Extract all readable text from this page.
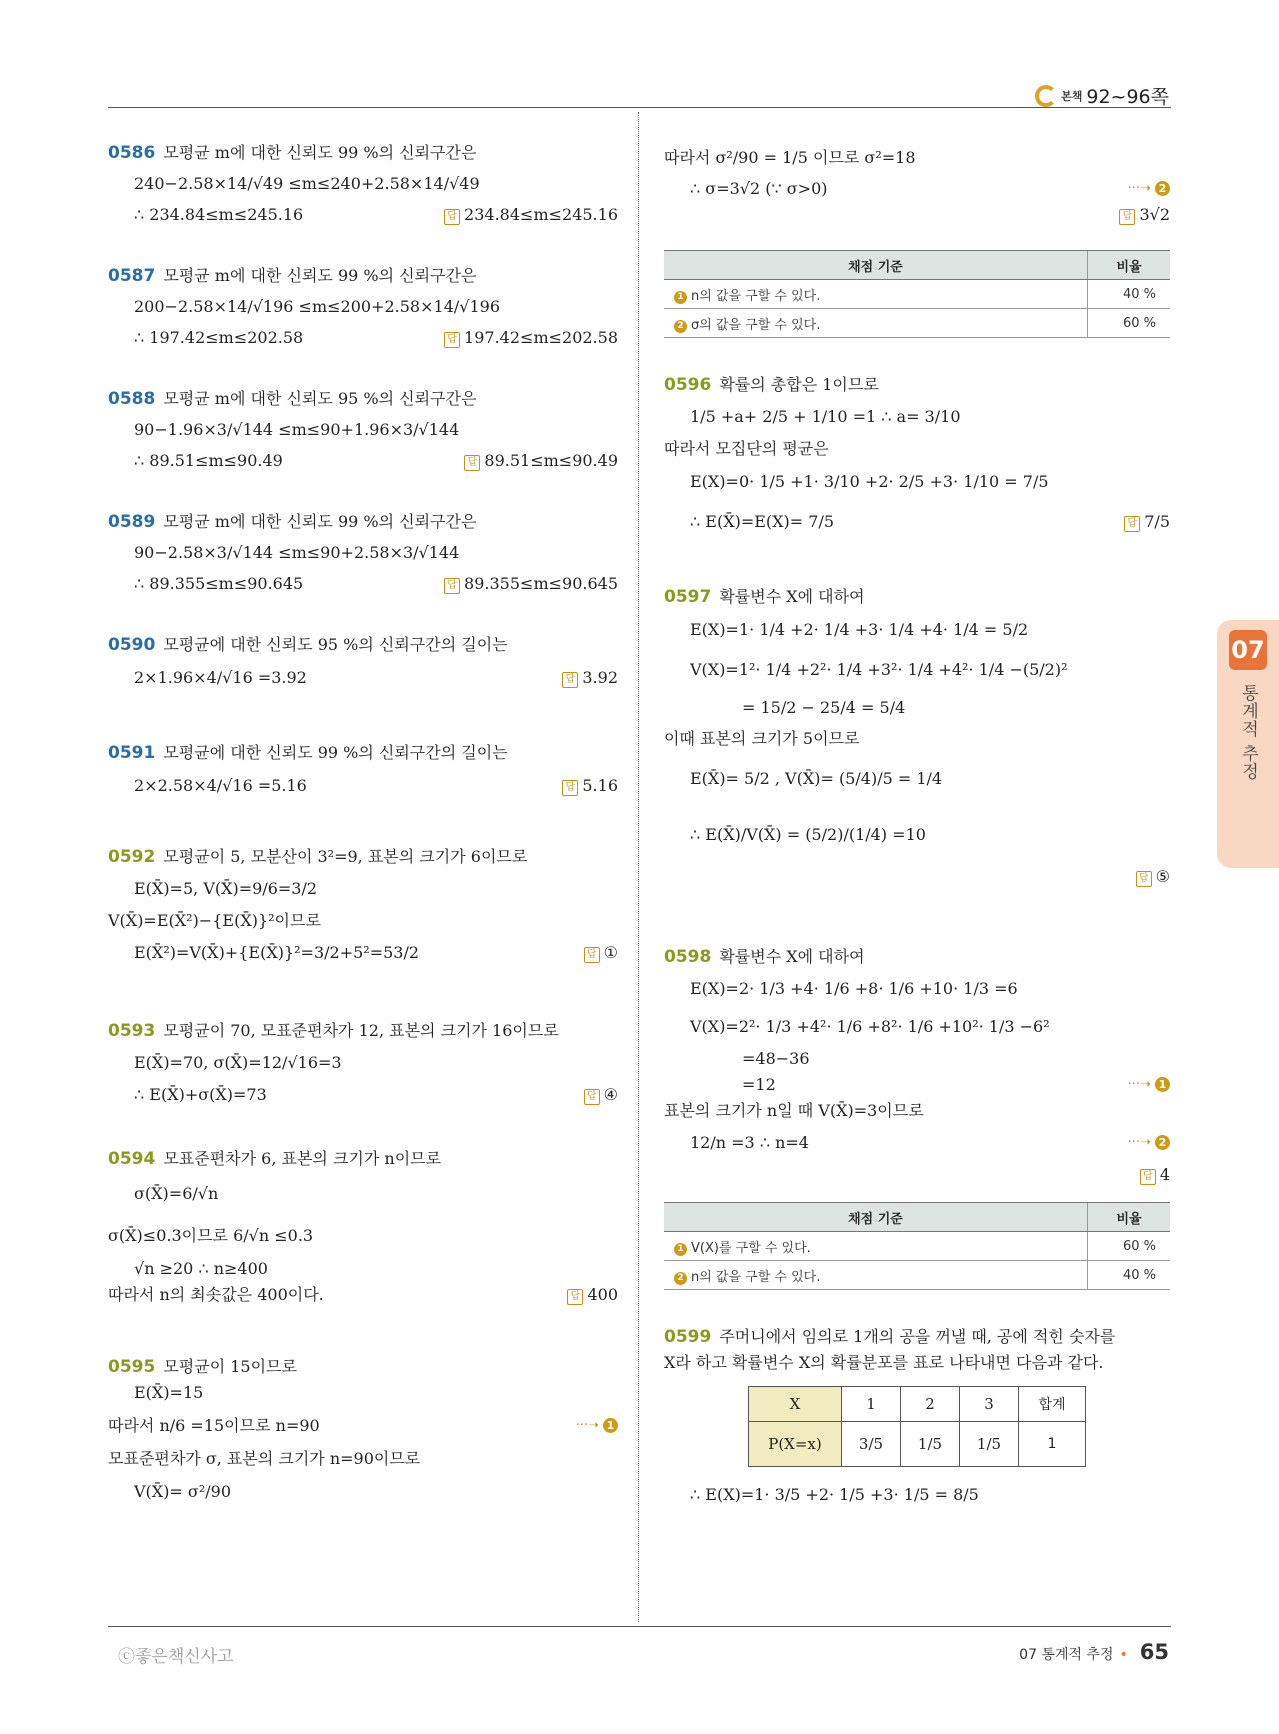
본책 92~96쪽
0586 모평균 m에 대한 신뢰도 99 %의 신뢰구간은
240−2.58×14/√49 ≤m≤240+2.58×14/√49
∴ 234.84≤m≤245.16	답 234.84≤m≤245.16
0587 모평균 m에 대한 신뢰도 99 %의 신뢰구간은
200−2.58×14/√196 ≤m≤200+2.58×14/√196
∴ 197.42≤m≤202.58	답 197.42≤m≤202.58
0588 모평균 m에 대한 신뢰도 95 %의 신뢰구간은
90−1.96×3/√144 ≤m≤90+1.96×3/√144
∴ 89.51≤m≤90.49	답 89.51≤m≤90.49
0589 모평균 m에 대한 신뢰도 99 %의 신뢰구간은
90−2.58×3/√144 ≤m≤90+2.58×3/√144
∴ 89.355≤m≤90.645	답 89.355≤m≤90.645
0590 모평균에 대한 신뢰도 95 %의 신뢰구간의 길이는
2×1.96×4/√16 =3.92	답 3.92
0591 모평균에 대한 신뢰도 99 %의 신뢰구간의 길이는
2×2.58×4/√16 =5.16	답 5.16
0592 모평균이 5, 모분산이 3²=9, 표본의 크기가 6이므로
E(X̄)=5, V(X̄)=9/6=3/2
V(X̄)=E(X̄²)−{E(X̄)}²이므로
E(X̄²)=V(X̄)+{E(X̄)}²=3/2+5²=53/2	답 ①
0593 모평균이 70, 모표준편차가 12, 표본의 크기가 16이므로
E(X̄)=70, σ(X̄)=12/√16=3
∴ E(X̄)+σ(X̄)=73	답 ④
0594 모표준편차가 6, 표본의 크기가 n이므로
σ(X̄)=6/√n
σ(X̄)≤0.3이므로 6/√n ≤0.3
√n ≥20 ∴ n≥400
따라서 n의 최솟값은 400이다.	답 400
0595 모평균이 15이므로
E(X̄)=15
따라서 n/6 =15이므로 n=90	···➝ 1
모표준편차가 σ, 표본의 크기가 n=90이므로
V(X̄)= σ²/90
따라서 σ²/90 = 1/5 이므로 σ²=18
∴ σ=3√2 (∵ σ>0)	···➝ 2

답 3√2
채점 기준	비율
1 n의 값을 구할 수 있다.	40 %
2 σ의 값을 구할 수 있다.	60 %
0596 확률의 총합은 1이므로
1/5 +a+ 2/5 + 1/10 =1 ∴ a= 3/10
따라서 모집단의 평균은
E(X)=0· 1/5 +1· 3/10 +2· 2/5 +3· 1/10 = 7/5
∴ E(X̄)=E(X)= 7/5	답 7/5
0597 확률변수 X에 대하여
E(X)=1· 1/4 +2· 1/4 +3· 1/4 +4· 1/4 = 5/2
V(X)=1²· 1/4 +2²· 1/4 +3²· 1/4 +4²· 1/4 −(5/2)²
= 15/2 − 25/4 = 5/4
이때 표본의 크기가 5이므로
E(X̄)= 5/2 , V(X̄)= (5/4)/5 = 1/4
∴ E(X̄)/V(X̄) = (5/2)/(1/4) =10

답 ⑤
0598 확률변수 X에 대하여
E(X)=2· 1/3 +4· 1/6 +8· 1/6 +10· 1/3 =6
V(X)=2²· 1/3 +4²· 1/6 +8²· 1/6 +10²· 1/3 −6²
=48−36
=12	···➝ 1
표본의 크기가 n일 때 V(X̄)=3이므로
12/n =3 ∴ n=4	···➝ 2

답 4
채점 기준	비율
1 V(X)를 구할 수 있다.	60 %
2 n의 값을 구할 수 있다.	40 %
0599 주머니에서 임의로 1개의 공을 꺼낼 때, 공에 적힌 숫자를
X라 하고 확률변수 X의 확률분포를 표로 나타내면 다음과 같다.
X	1	2	3	합계
P(X=x)	3/5	1/5	1/5	1
∴ E(X)=1· 3/5 +2· 1/5 +3· 1/5 = 8/5
07
통계적 추정
ⓒ좋은책신사고	07 통계적 추정 • 65
